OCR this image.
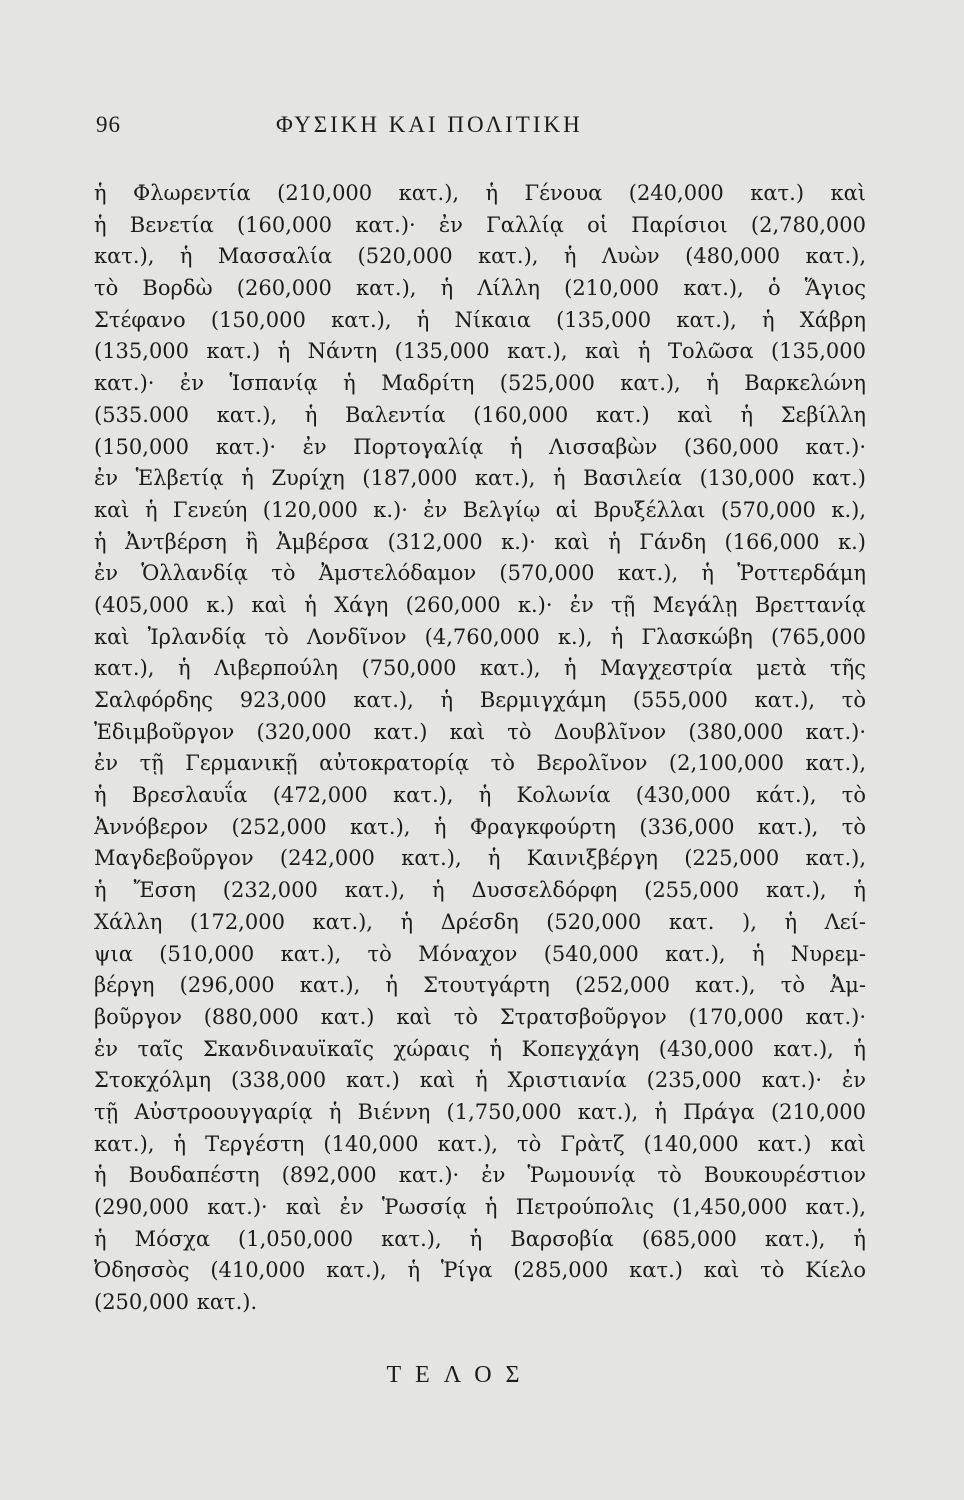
96	ΦΥΣΙΚΗ ΚΑΙ ΠΟΛΙΤΙΚΗ
ἡ Φλωρεντία (210,000 κατ.), ἡ Γένουα (240,000 κατ.) καὶ
ἡ Βενετία (160,000 κατ.)· ἐν Γαλλίᾳ οἱ Παρίσιοι (2,780,000
κατ.), ἡ Μασσαλία (520,000 κατ.), ἡ Λυὼν (480,000 κατ.),
τὸ Βορδὼ (260,000 κατ.), ἡ Λίλλη (210,000 κατ.), ὁ Ἅγιος
Στέφανο (150,000 κατ.), ἡ Νίκαια (135,000 κατ.), ἡ Χάβρη
(135,000 κατ.) ἡ Νάντη (135,000 κατ.), καὶ ἡ Τολῶσα (135,000
κατ.)· ἐν Ἱσπανίᾳ ἡ Μαδρίτη (525,000 κατ.), ἡ Βαρκελώνη
(535.000 κατ.), ἡ Βαλεντία (160,000 κατ.) καὶ ἡ Σεβίλλη
(150,000 κατ.)· ἐν Πορτογαλίᾳ ἡ Λισσαβὼν (360,000 κατ.)·
ἐν Ἑλβετίᾳ ἡ Ζυρίχη (187,000 κατ.), ἡ Βασιλεία (130,000 κατ.)
καὶ ἡ Γενεύη (120,000 κ.)· ἐν Βελγίῳ αἱ Βρυξέλλαι (570,000 κ.),
ἡ Ἀντβέρση ἢ Ἀμβέρσα (312,000 κ.)· καὶ ἡ Γάνδη (166,000 κ.)
ἐν Ὁλλανδίᾳ τὸ Ἀμστελόδαμον (570,000 κατ.), ἡ Ῥοττερδάμη
(405,000 κ.) καὶ ἡ Χάγη (260,000 κ.)· ἐν τῇ Μεγάλῃ Βρεττανίᾳ
καὶ Ἰρλανδίᾳ τὸ Λονδῖνον (4,760,000 κ.), ἡ Γλασκώβη (765,000
κατ.), ἡ Λιβερπούλη (750,000 κατ.), ἡ Μαγχεστρία μετὰ τῆς
Σαλφόρδης 923,000 κατ.), ἡ Βερμιγχάμη (555,000 κατ.), τὸ
Ἐδιμβοῦργον (320,000 κατ.) καὶ τὸ Δουβλῖνον (380,000 κατ.)·
ἐν τῇ Γερμανικῇ αὐτοκρατορίᾳ τὸ Βερολῖνον (2,100,000 κατ.),
ἡ Βρεσλαυΐα (472,000 κατ.), ἡ Κολωνία (430,000 κάτ.), τὸ
Ἀννόβερον (252,000 κατ.), ἡ Φραγκφούρτη (336,000 κατ.), τὸ
Μαγδεβοῦργον (242,000 κατ.), ἡ Καινιξβέργη (225,000 κατ.),
ἡ Ἔσση (232,000 κατ.), ἡ Δυσσελδόρφη (255,000 κατ.), ἡ
Χάλλη (172,000 κατ.), ἡ Δρέσδη (520,000 κατ. ), ἡ Λεί-
ψια (510,000 κατ.), τὸ Μόναχον (540,000 κατ.), ἡ Νυρεμ-
βέργη (296,000 κατ.), ἡ Στουτγάρτη (252,000 κατ.), τὸ Ἀμ-
βοῦργον (880,000 κατ.) καὶ τὸ Στρατσβοῦργον (170,000 κατ.)·
ἐν ταῖς Σκανδιναυϊκαῖς χώραις ἡ Κοπεγχάγη (430,000 κατ.), ἡ
Στοκχόλμη (338,000 κατ.) καὶ ἡ Χριστιανία (235,000 κατ.)· ἐν
τῇ Αὐστροουγγαρίᾳ ἡ Βιέννη (1,750,000 κατ.), ἡ Πράγα (210,000
κατ.), ἡ Τεργέστη (140,000 κατ.), τὸ Γρὰτζ (140,000 κατ.) καὶ
ἡ Βουδαπέστη (892,000 κατ.)· ἐν Ῥωμουνίᾳ τὸ Βουκουρέστιον
(290,000 κατ.)· καὶ ἐν Ῥωσσίᾳ ἡ Πετρούπολις (1,450,000 κατ.),
ἡ Μόσχα (1,050,000 κατ.), ἡ Βαρσοβία (685,000 κατ.), ἡ
Ὀδησσὸς (410,000 κατ.), ἡ Ῥίγα (285,000 κατ.) καὶ τὸ Κίελο
(250,000 κατ.).
ΤΕΛΟΣ
